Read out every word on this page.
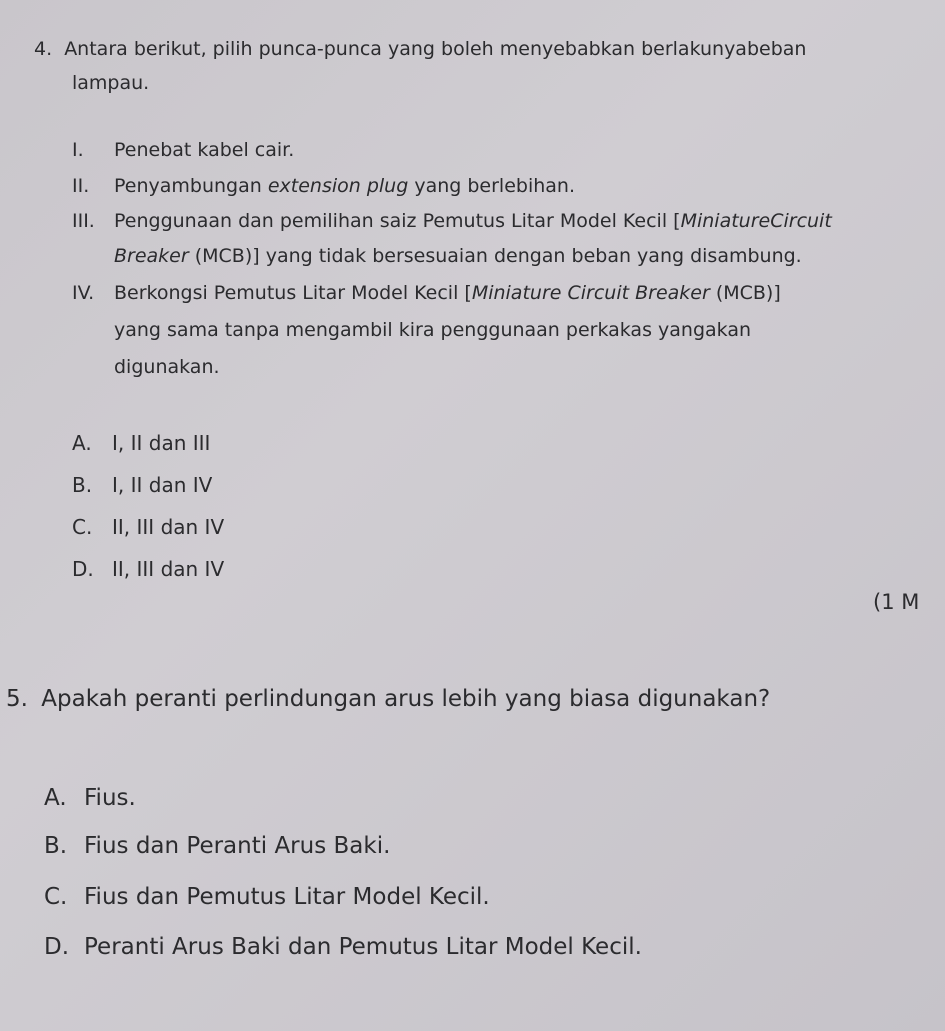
4. Antara berikut, pilih punca-punca yang boleh menyebabkan berlakunyabeban
lampau.
I. Penebat kabel cair.
II. Penyambungan extension plug yang berlebihan.
III. Penggunaan dan pemilihan saiz Pemutus Litar Model Kecil [MiniatureCircuit
Breaker (MCB)] yang tidak bersesuaian dengan beban yang disambung.
IV. Berkongsi Pemutus Litar Model Kecil [Miniature Circuit Breaker (MCB)]
yang sama tanpa mengambil kira penggunaan perkakas yangakan
digunakan.
A. I, II dan III
B. I, II dan IV
C. II, III dan IV
D. II, III dan IV
(1 M
5. Apakah peranti perlindungan arus lebih yang biasa digunakan?
A. Fius.
B. Fius dan Peranti Arus Baki.
C. Fius dan Pemutus Litar Model Kecil.
D. Peranti Arus Baki dan Pemutus Litar Model Kecil.
